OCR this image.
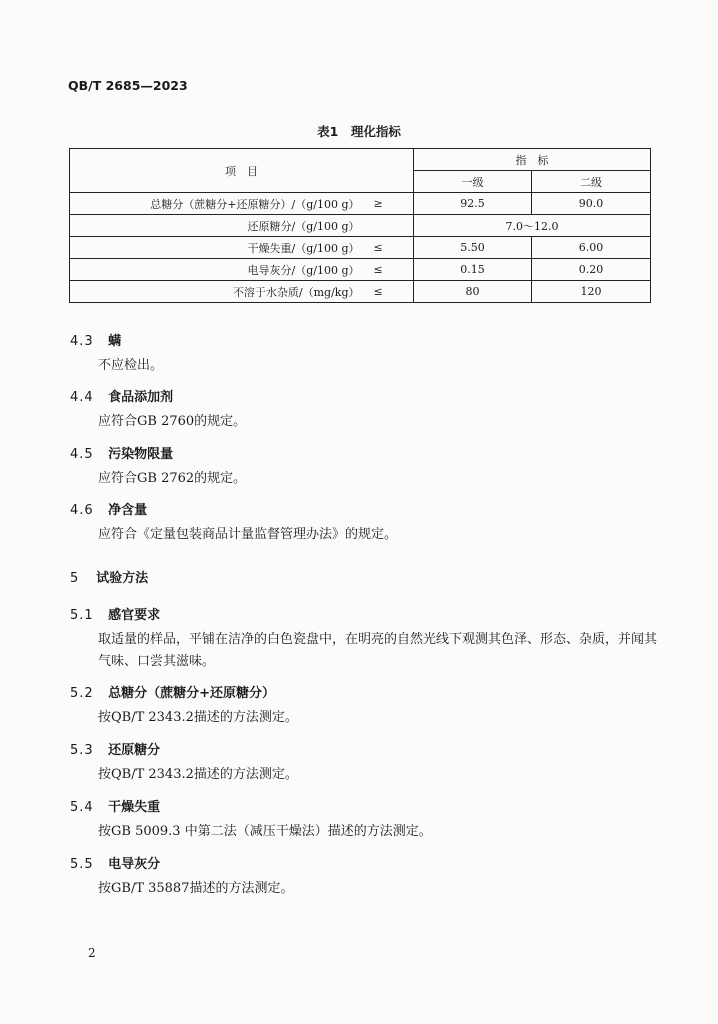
QB/T 2685—2023
表1　理化指标
项　目		指　标	
		一级	二级
总糖分（蔗糖分+还原糖分）/（g/100 g）	≥	92.5	90.0
还原糖分/（g/100 g）		7.0～12.0	
干燥失重/（g/100 g）	≤	5.50	6.00
电导灰分/（g/100 g）	≤	0.15	0.20
不溶于水杂质/（mg/kg）	≤	80	120
4.3 螨
不应检出。
4.4 食品添加剂
应符合GB 2760的规定。
4.5 污染物限量
应符合GB 2762的规定。
4.6 净含量
应符合《定量包装商品计量监督管理办法》的规定。
5 试验方法
5.1 感官要求
取适量的样品，平铺在洁净的白色瓷盘中，在明亮的自然光线下观测其色泽、形态、杂质，并闻其气味、口尝其滋味。
5.2 总糖分（蔗糖分+还原糖分）
按QB/T 2343.2描述的方法测定。
5.3 还原糖分
按QB/T 2343.2描述的方法测定。
5.4 干燥失重
按GB 5009.3 中第二法（减压干燥法）描述的方法测定。
5.5 电导灰分
按GB/T 35887描述的方法测定。
2
